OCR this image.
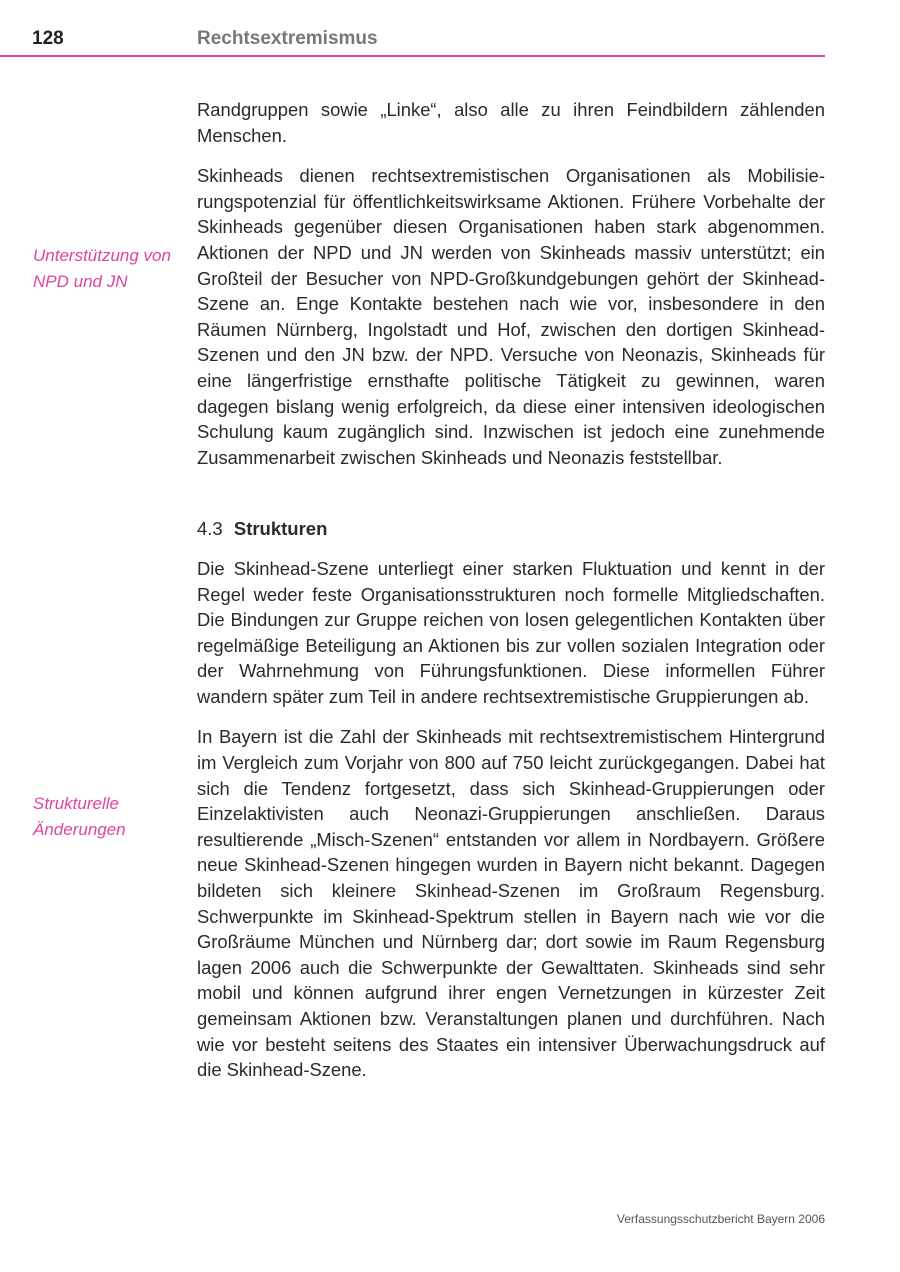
128	Rechtsextremismus
Unterstützung von NPD und JN
Strukturelle Änderungen

Randgruppen sowie „Linke“, also alle zu ihren Feindbildern zählenden Menschen.

Skinheads dienen rechtsextremistischen Organisationen als Mobilisierungspotenzial für öffentlichkeitswirksame Aktionen. Frühere Vorbehalte der Skinheads gegenüber diesen Organisationen haben stark abgenommen. Aktionen der NPD und JN werden von Skinheads massiv unterstützt; ein Großteil der Besucher von NPD-Großkundgebungen gehört der Skinhead-Szene an. Enge Kontakte bestehen nach wie vor, insbesondere in den Räumen Nürnberg, Ingolstadt und Hof, zwischen den dortigen Skinhead-Szenen und den JN bzw. der NPD. Versuche von Neonazis, Skinheads für eine längerfristige ernsthafte politische Tätigkeit zu gewinnen, waren dagegen bislang wenig erfolgreich, da diese einer intensiven ideologischen Schulung kaum zugänglich sind. Inzwischen ist jedoch eine zunehmende Zusammenarbeit zwischen Skinheads und Neonazis feststellbar.

4.3 Strukturen

Die Skinhead-Szene unterliegt einer starken Fluktuation und kennt in der Regel weder feste Organisationsstrukturen noch formelle Mitgliedschaften. Die Bindungen zur Gruppe reichen von losen gelegentlichen Kontakten über regelmäßige Beteiligung an Aktionen bis zur vollen sozialen Integration oder der Wahrnehmung von Führungsfunktionen. Diese informellen Führer wandern später zum Teil in andere rechtsextremistische Gruppierungen ab.

In Bayern ist die Zahl der Skinheads mit rechtsextremistischem Hintergrund im Vergleich zum Vorjahr von 800 auf 750 leicht zurückgegangen. Dabei hat sich die Tendenz fortgesetzt, dass sich Skinhead-Gruppierungen oder Einzelaktivisten auch Neonazi-Gruppierungen anschließen. Daraus resultierende „Misch-Szenen“ entstanden vor allem in Nordbayern. Größere neue Skinhead-Szenen hingegen wurden in Bayern nicht bekannt. Dagegen bildeten sich kleinere Skinhead-Szenen im Großraum Regensburg. Schwerpunkte im Skinhead-Spektrum stellen in Bayern nach wie vor die Großräume München und Nürnberg dar; dort sowie im Raum Regensburg lagen 2006 auch die Schwerpunkte der Gewalttaten. Skinheads sind sehr mobil und können aufgrund ihrer engen Vernetzungen in kürzester Zeit gemeinsam Aktionen bzw. Veranstaltungen planen und durchführen. Nach wie vor besteht seitens des Staates ein intensiver Überwachungsdruck auf die Skinhead-Szene.

Verfassungsschutzbericht Bayern 2006
